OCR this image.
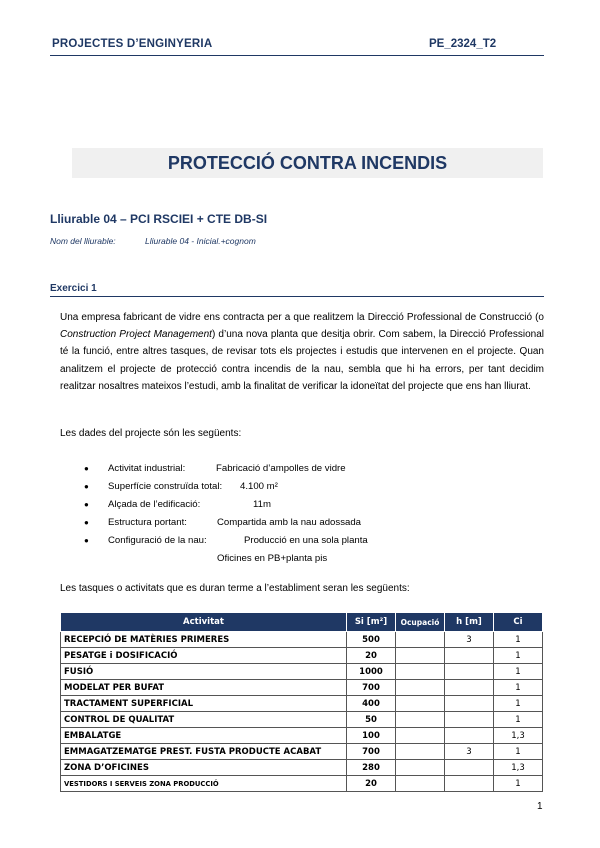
PROJECTES D’ENGINYERIA	PE_2324_T2
PROTECCIÓ CONTRA INCENDIS
Lliurable 04 – PCI RSCIEI + CTE DB-SI
Nom del lliurable:	Lliurable 04 - Inicial.+cognom
Exercici 1
Una empresa fabricant de vidre ens contracta per a que realitzem la Direcció Professional de Construcció (o Construction Project Management) d’una nova planta que desitja obrir. Com sabem, la Direcció Professional té la funció, entre altres tasques, de revisar tots els projectes i estudis que intervenen en el projecte. Quan analitzem el projecte de protecció contra incendis de la nau, sembla que hi ha errors, per tant decidim realitzar nosaltres mateixos l’estudi, amb la finalitat de verificar la idoneïtat del projecte que ens han lliurat.
Les dades del projecte són les següents:
● Activitat industrial:	Fabricació d’ampolles de vidre
● Superfície construïda total: 4.100 m²
● Alçada de l’edificació:	11m
● Estructura portant:	Compartida amb la nau adossada
● Configuració de la nau:	Producció en una sola planta
Oficines en PB+planta pis
Les tasques o activitats que es duran terme a l’establiment seran les següents:
Activitat	Si [m²]	Ocupació	h [m]	Ci
RECEPCIÓ DE MATÈRIES PRIMERES	500		3	1
PESATGE i DOSIFICACIÓ	20			1
FUSIÓ	1000			1
MODELAT PER BUFAT	700			1
TRACTAMENT SUPERFICIAL	400			1
CONTROL DE QUALITAT	50			1
EMBALATGE	100			1,3
EMMAGATZEMATGE PREST. FUSTA PRODUCTE ACABAT	700		3	1
ZONA D’OFICINES	280			1,3
VESTIDORS I SERVEIS ZONA PRODUCCIÓ	20			1
1
